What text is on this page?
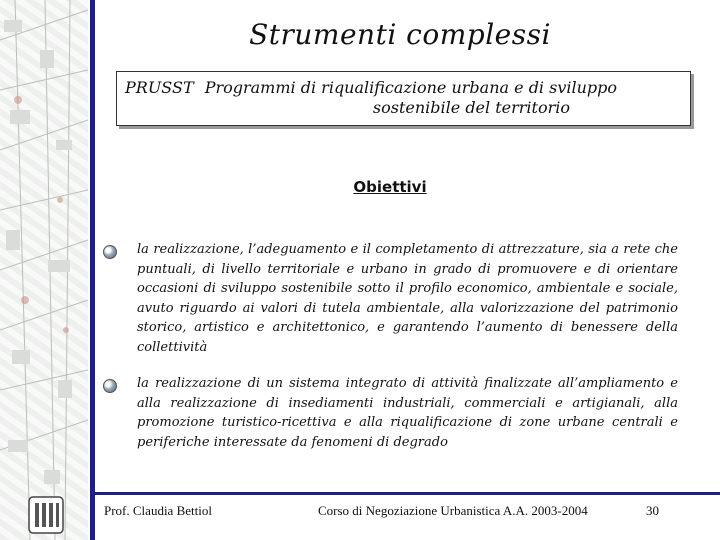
Strumenti complessi
PRUSST Programmi di riqualificazione urbana e di sviluppo
sostenibile del territorio
Obiettivi

la realizzazione, l’adeguamento e il completamento di attrezzature, sia a rete che puntuali, di livello territoriale e urbano in grado di promuovere e di orientare occasioni di sviluppo sostenibile sotto il profilo economico, ambientale e sociale, avuto riguardo ai valori di tutela ambientale, alla valorizzazione del patrimonio storico, artistico e architettonico, e garantendo l’aumento di benessere della collettività

la realizzazione di un sistema integrato di attività finalizzate all’ampliamento e alla realizzazione di insediamenti industriali, commerciali e artigianali, alla promozione turistico-ricettiva e alla riqualificazione di zone urbane centrali e periferiche interessate da fenomeni di degrado

Prof. Claudia Bettiol	Corso di Negoziazione Urbanistica A.A. 2003-2004	30
